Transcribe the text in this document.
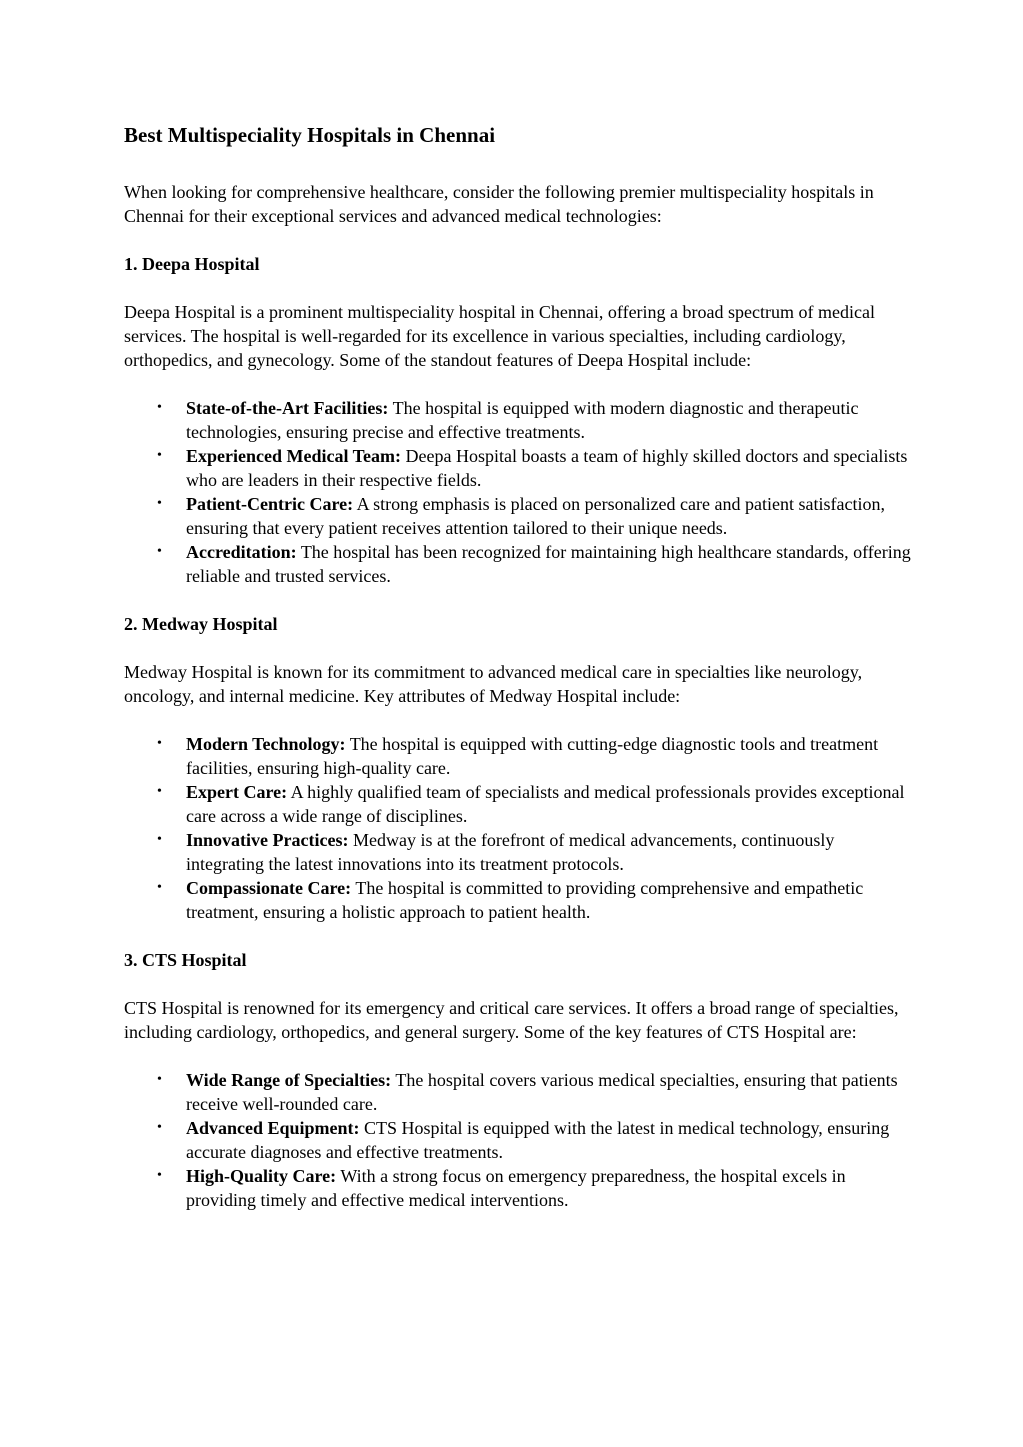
Best Multispeciality Hospitals in Chennai

When looking for comprehensive healthcare, consider the following premier multispeciality hospitals in Chennai for their exceptional services and advanced medical technologies:

1. Deepa Hospital

Deepa Hospital is a prominent multispeciality hospital in Chennai, offering a broad spectrum of medical services. The hospital is well-regarded for its excellence in various specialties, including cardiology, orthopedics, and gynecology. Some of the standout features of Deepa Hospital include:

• State-of-the-Art Facilities: The hospital is equipped with modern diagnostic and therapeutic technologies, ensuring precise and effective treatments.
• Experienced Medical Team: Deepa Hospital boasts a team of highly skilled doctors and specialists who are leaders in their respective fields.
• Patient-Centric Care: A strong emphasis is placed on personalized care and patient satisfaction, ensuring that every patient receives attention tailored to their unique needs.
• Accreditation: The hospital has been recognized for maintaining high healthcare standards, offering reliable and trusted services.
2. Medway Hospital

Medway Hospital is known for its commitment to advanced medical care in specialties like neurology, oncology, and internal medicine. Key attributes of Medway Hospital include:

• Modern Technology: The hospital is equipped with cutting-edge diagnostic tools and treatment facilities, ensuring high-quality care.
• Expert Care: A highly qualified team of specialists and medical professionals provides exceptional care across a wide range of disciplines.
• Innovative Practices: Medway is at the forefront of medical advancements, continuously integrating the latest innovations into its treatment protocols.
• Compassionate Care: The hospital is committed to providing comprehensive and empathetic treatment, ensuring a holistic approach to patient health.
3. CTS Hospital

CTS Hospital is renowned for its emergency and critical care services. It offers a broad range of specialties, including cardiology, orthopedics, and general surgery. Some of the key features of CTS Hospital are:

• Wide Range of Specialties: The hospital covers various medical specialties, ensuring that patients receive well-rounded care.
• Advanced Equipment: CTS Hospital is equipped with the latest in medical technology, ensuring accurate diagnoses and effective treatments.
• High-Quality Care: With a strong focus on emergency preparedness, the hospital excels in providing timely and effective medical interventions.
